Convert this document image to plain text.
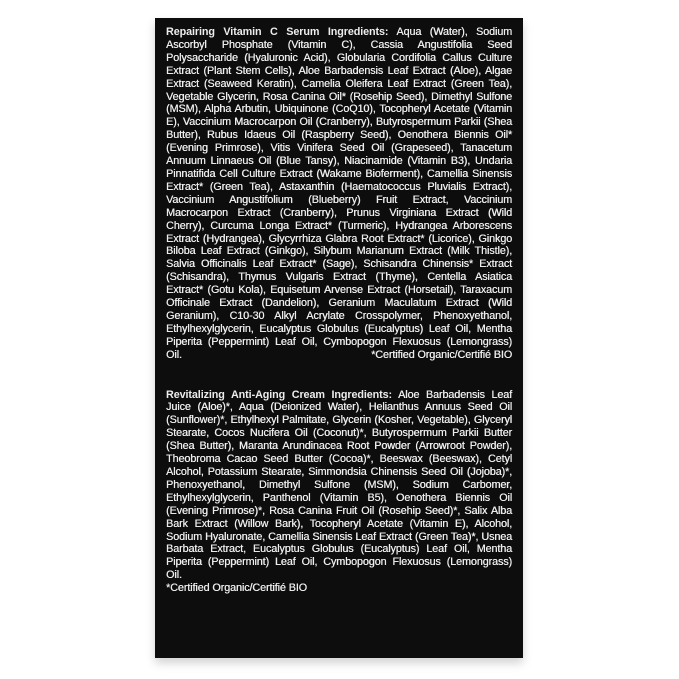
Repairing Vitamin C Serum Ingredients: Aqua (Water), Sodium Ascorbyl Phosphate (Vitamin C), Cassia Angustifolia Seed Polysaccharide (Hyaluronic Acid), Globularia Cordifolia Callus Culture Extract (Plant Stem Cells), Aloe Barbadensis Leaf Extract (Aloe), Algae Extract (Seaweed Keratin), Camelia Oleifera Leaf Extract (Green Tea), Vegetable Glycerin, Rosa Canina Oil* (Rosehip Seed), Dimethyl Sulfone (MSM), Alpha Arbutin, Ubiquinone (CoQ10), Tocopheryl Acetate (Vitamin E), Vaccinium Macrocarpon Oil (Cranberry), Butyrospermum Parkii (Shea Butter), Rubus Idaeus Oil (Raspberry Seed), Oenothera Biennis Oil* (Evening Primrose), Vitis Vinifera Seed Oil (Grapeseed), Tanacetum Annuum Linnaeus Oil (Blue Tansy), Niacinamide (Vitamin B3), Undaria Pinnatifida Cell Culture Extract (Wakame Bioferment), Camellia Sinensis Extract* (Green Tea), Astaxanthin (Haematococcus Pluvialis Extract), Vaccinium Angustifolium (Blueberry) Fruit Extract, Vaccinium Macrocarpon Extract (Cranberry), Prunus Virginiana Extract (Wild Cherry), Curcuma Longa Extract* (Turmeric), Hydrangea Arborescens Extract (Hydrangea), Glycyrrhiza Glabra Root Extract* (Licorice), Ginkgo Biloba Leaf Extract (Ginkgo), Silybum Marianum Extract (Milk Thistle), Salvia Officinalis Leaf Extract* (Sage), Schisandra Chinensis* Extract (Schisandra), Thymus Vulgaris Extract (Thyme), Centella Asiatica Extract* (Gotu Kola), Equisetum Arvense Extract (Horsetail), Taraxacum Officinale Extract (Dandelion), Geranium Maculatum Extract (Wild Geranium), C10-30 Alkyl Acrylate Crosspolymer, Phenoxyethanol, Ethylhexylglycerin, Eucalyptus Globulus (Eucalyptus) Leaf Oil, Mentha Piperita (Peppermint) Leaf Oil, Cymbopogon Flexuosus (Lemongrass) Oil.	*Certified Organic/Certifié BIO

Revitalizing Anti-Aging Cream Ingredients: Aloe Barbadensis Leaf Juice (Aloe)*, Aqua (Deionized Water), Helianthus Annuus Seed Oil (Sunflower)*, Ethylhexyl Palmitate, Glycerin (Kosher, Vegetable), Glyceryl Stearate, Cocos Nucifera Oil (Coconut)*, Butyrospermum Parkii Butter (Shea Butter), Maranta Arundinacea Root Powder (Arrowroot Powder), Theobroma Cacao Seed Butter (Cocoa)*, Beeswax (Beeswax), Cetyl Alcohol, Potassium Stearate, Simmondsia Chinensis Seed Oil (Jojoba)*, Phenoxyethanol, Dimethyl Sulfone (MSM), Sodium Carbomer, Ethylhexylglycerin, Panthenol (Vitamin B5), Oenothera Biennis Oil (Evening Primrose)*, Rosa Canina Fruit Oil (Rosehip Seed)*, Salix Alba Bark Extract (Willow Bark), Tocopheryl Acetate (Vitamin E), Alcohol, Sodium Hyaluronate, Camellia Sinensis Leaf Extract (Green Tea)*, Usnea Barbata Extract, Eucalyptus Globulus (Eucalyptus) Leaf Oil, Mentha Piperita (Peppermint) Leaf Oil, Cymbopogon Flexuosus (Lemongrass) Oil.

*Certified Organic/Certifié BIO
